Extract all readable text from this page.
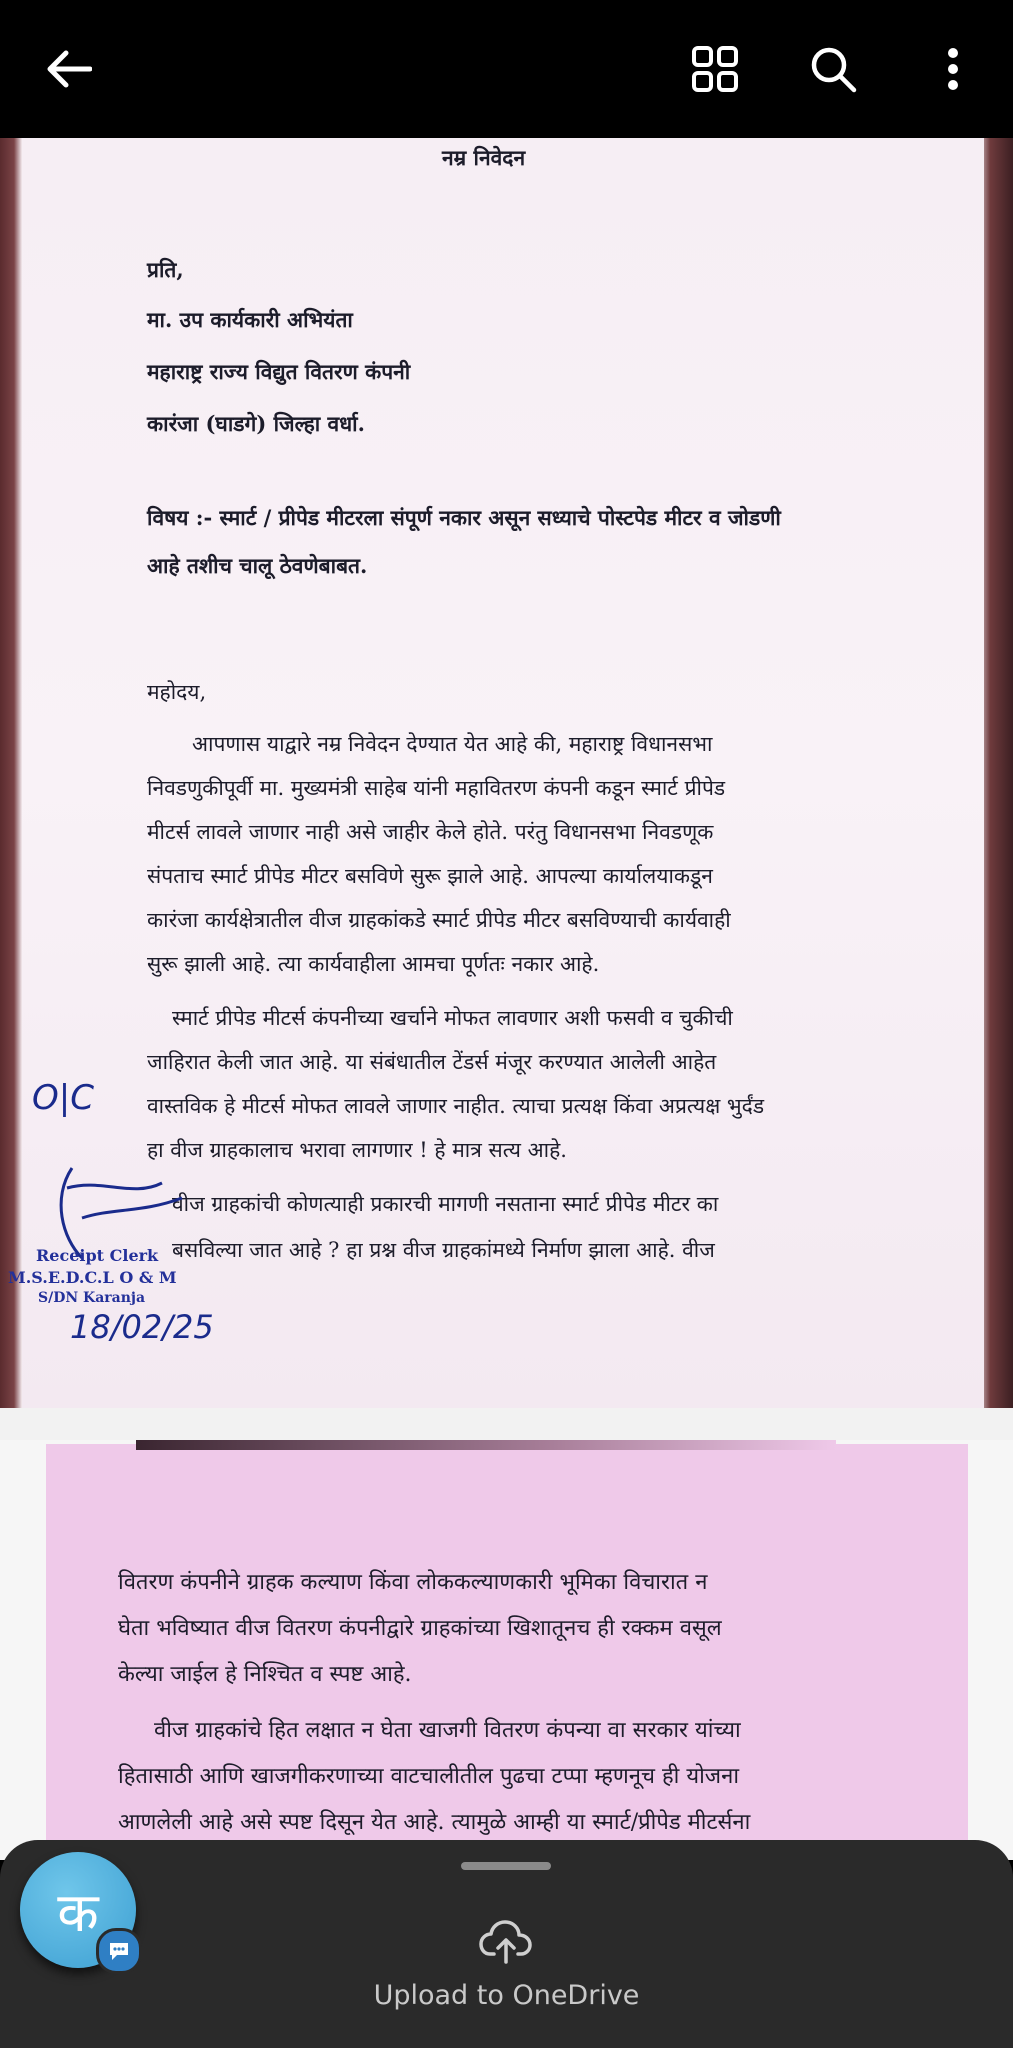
नम्र निवेदन
प्रति,
मा. उप कार्यकारी अभियंता
महाराष्ट्र राज्य विद्युत वितरण कंपनी
कारंजा (घाडगे) जिल्हा वर्धा.
विषय :- स्मार्ट / प्रीपेड मीटरला संपूर्ण नकार असून सध्याचे पोस्टपेड मीटर व जोडणी
आहे तशीच चालू ठेवणेबाबत.
महोदय,
आपणास याद्वारे नम्र निवेदन देण्यात येत आहे की, महाराष्ट्र विधानसभा
निवडणुकीपूर्वी मा. मुख्यमंत्री साहेब यांनी महावितरण कंपनी कडून स्मार्ट प्रीपेड
मीटर्स लावले जाणार नाही असे जाहीर केले होते. परंतु विधानसभा निवडणूक
संपताच स्मार्ट प्रीपेड मीटर बसविणे सुरू झाले आहे. आपल्या कार्यालयाकडून
कारंजा कार्यक्षेत्रातील वीज ग्राहकांकडे स्मार्ट प्रीपेड मीटर बसविण्याची कार्यवाही
सुरू झाली आहे. त्या कार्यवाहीला आमचा पूर्णतः नकार आहे.
स्मार्ट प्रीपेड मीटर्स कंपनीच्या खर्चाने मोफत लावणार अशी फसवी व चुकीची
जाहिरात केली जात आहे. या संबंधातील टेंडर्स मंजूर करण्यात आलेली आहेत
वास्तविक हे मीटर्स मोफत लावले जाणार नाहीत. त्याचा प्रत्यक्ष किंवा अप्रत्यक्ष भुर्दंड
हा वीज ग्राहकालाच भरावा लागणार ! हे मात्र सत्य आहे.
वीज ग्राहकांची कोणत्याही प्रकारची मागणी नसताना स्मार्ट प्रीपेड मीटर का
बसविल्या जात आहे ? हा प्रश्न वीज ग्राहकांमध्ये निर्माण झाला आहे. वीज
O|C
Receipt Clerk
M.S.E.D.C.L O & M
S/DN Karanja
18/02/25
वितरण कंपनीने ग्राहक कल्याण किंवा लोककल्याणकारी भूमिका विचारात न
घेता भविष्यात वीज वितरण कंपनीद्वारे ग्राहकांच्या खिशातूनच ही रक्कम वसूल
केल्या जाईल हे निश्चित व स्पष्ट आहे.
वीज ग्राहकांचे हित लक्षात न घेता खाजगी वितरण कंपन्या वा सरकार यांच्या
हितासाठी आणि खाजगीकरणाच्या वाटचालीतील पुढचा टप्पा म्हणनूच ही योजना
आणलेली आहे असे स्पष्ट दिसून येत आहे. त्यामुळे आम्ही या स्मार्ट/प्रीपेड मीटर्सना
Upload to OneDrive
क
